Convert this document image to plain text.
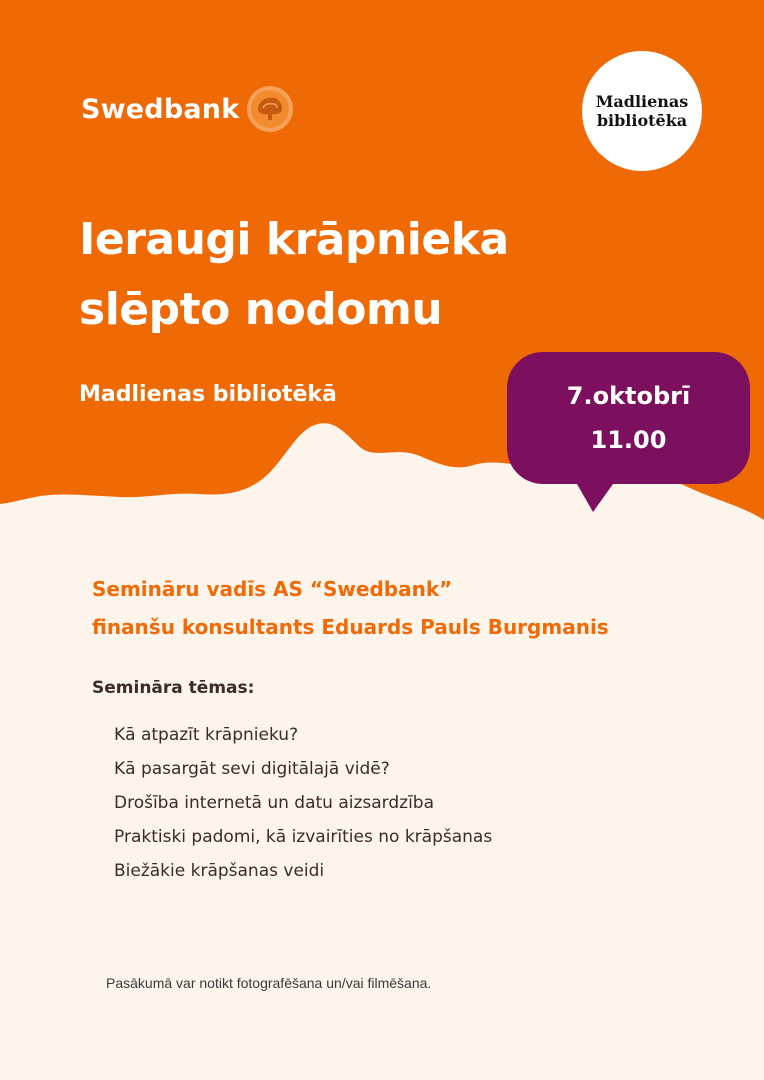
Swedbank	Madlienas
bibliotēka
Ieraugi krāpnieka
slēpto nodomu

Madlienas bibliotēkā	7.oktobrī
11.00

Semināru vadīs AS “Swedbank”
finanšu konsultants Eduards Pauls Burgmanis

Semināra tēmas:

Kā atpazīt krāpnieku?
Kā pasargāt sevi digitālajā vidē?
Drošība internetā un datu aizsardzība
Praktiski padomi, kā izvairīties no krāpšanas
Biežākie krāpšanas veidi

Pasākumā var notikt fotografēšana un/vai filmēšana.
